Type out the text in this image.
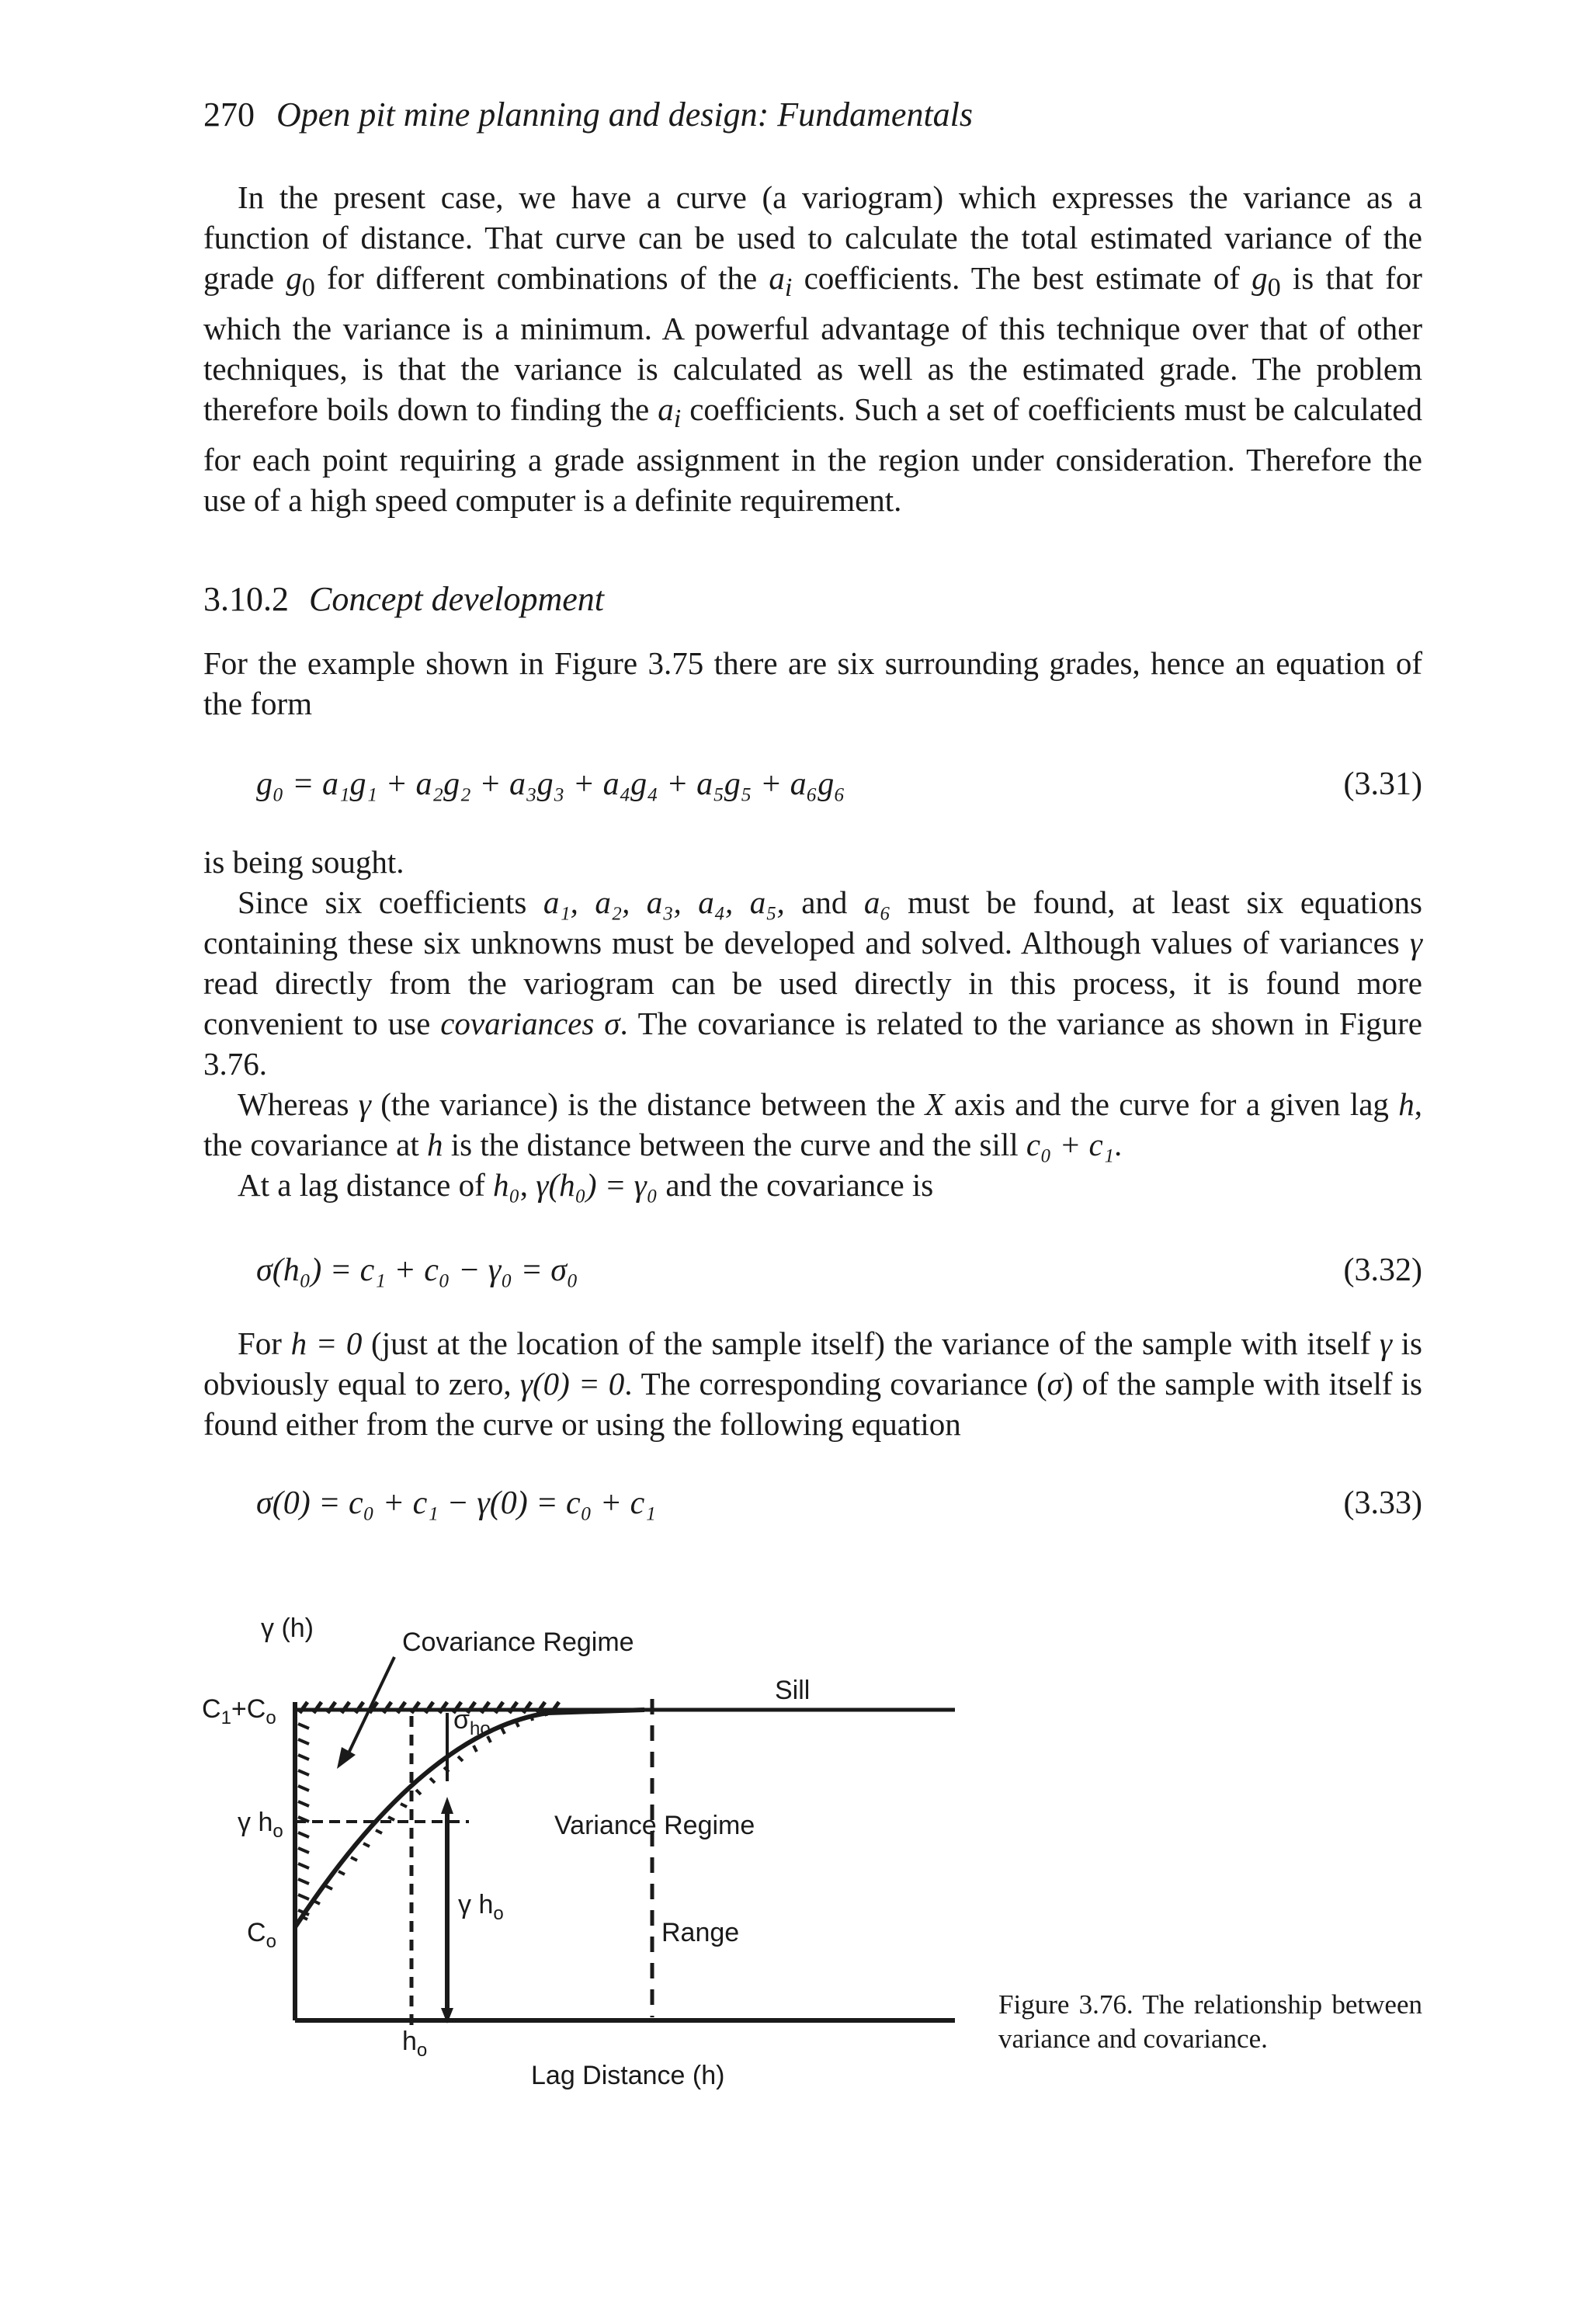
270 Open pit mine planning and design: Fundamentals

In the present case, we have a curve (a variogram) which expresses the variance as a function of distance. That curve can be used to calculate the total estimated variance of the grade $g_0$ for different combinations of the $a_i$ coefficients. The best estimate of $g_0$ is that for which the variance is a minimum. A powerful advantage of this technique over that of other techniques, is that the variance is calculated as well as the estimated grade. The problem therefore boils down to finding the $a_i$ coefficients. Such a set of coefficients must be calculated for each point requiring a grade assignment in the region under consideration. Therefore the use of a high speed computer is a definite requirement.

3.10.2 Concept development

For the example shown in Figure 3.75 there are six surrounding grades, hence an equation of the form

g₀ = a₁g₁ + a₂g₂ + a₃g₃ + a₄g₄ + a₅g₅ + a₆g₆	(3.31)

is being sought.

Since six coefficients a₁, a₂, a₃, a₄, a₅, and a₆ must be found, at least six equations containing these six unknowns must be developed and solved. Although values of variances γ read directly from the variogram can be used directly in this process, it is found more convenient to use covariances σ. The covariance is related to the variance as shown in Figure 3.76.

Whereas γ (the variance) is the distance between the X axis and the curve for a given lag h, the covariance at h is the distance between the curve and the sill c₀ + c₁.

At a lag distance of h₀, γ(h₀) = γ₀ and the covariance is

σ(h₀) = c₁ + c₀ − γ₀ = σ₀	(3.32)

For h = 0 (just at the location of the sample itself) the variance of the sample with itself γ is obviously equal to zero, γ(0) = 0. The corresponding covariance (σ) of the sample with itself is found either from the curve or using the following equation

σ(0) = c₀ + c₁ − γ(0) = c₀ + c₁	(3.33)
γ (h)	Covariance Regime
Sill
$C_1+C_o$	$\sigma_{ho}$
γ $h_o$	Variance Regime
γ $h_o$
$C_o$	Range
$h_o$
Lag Distance (h)

Figure 3.76. The relationship between variance and covariance.
